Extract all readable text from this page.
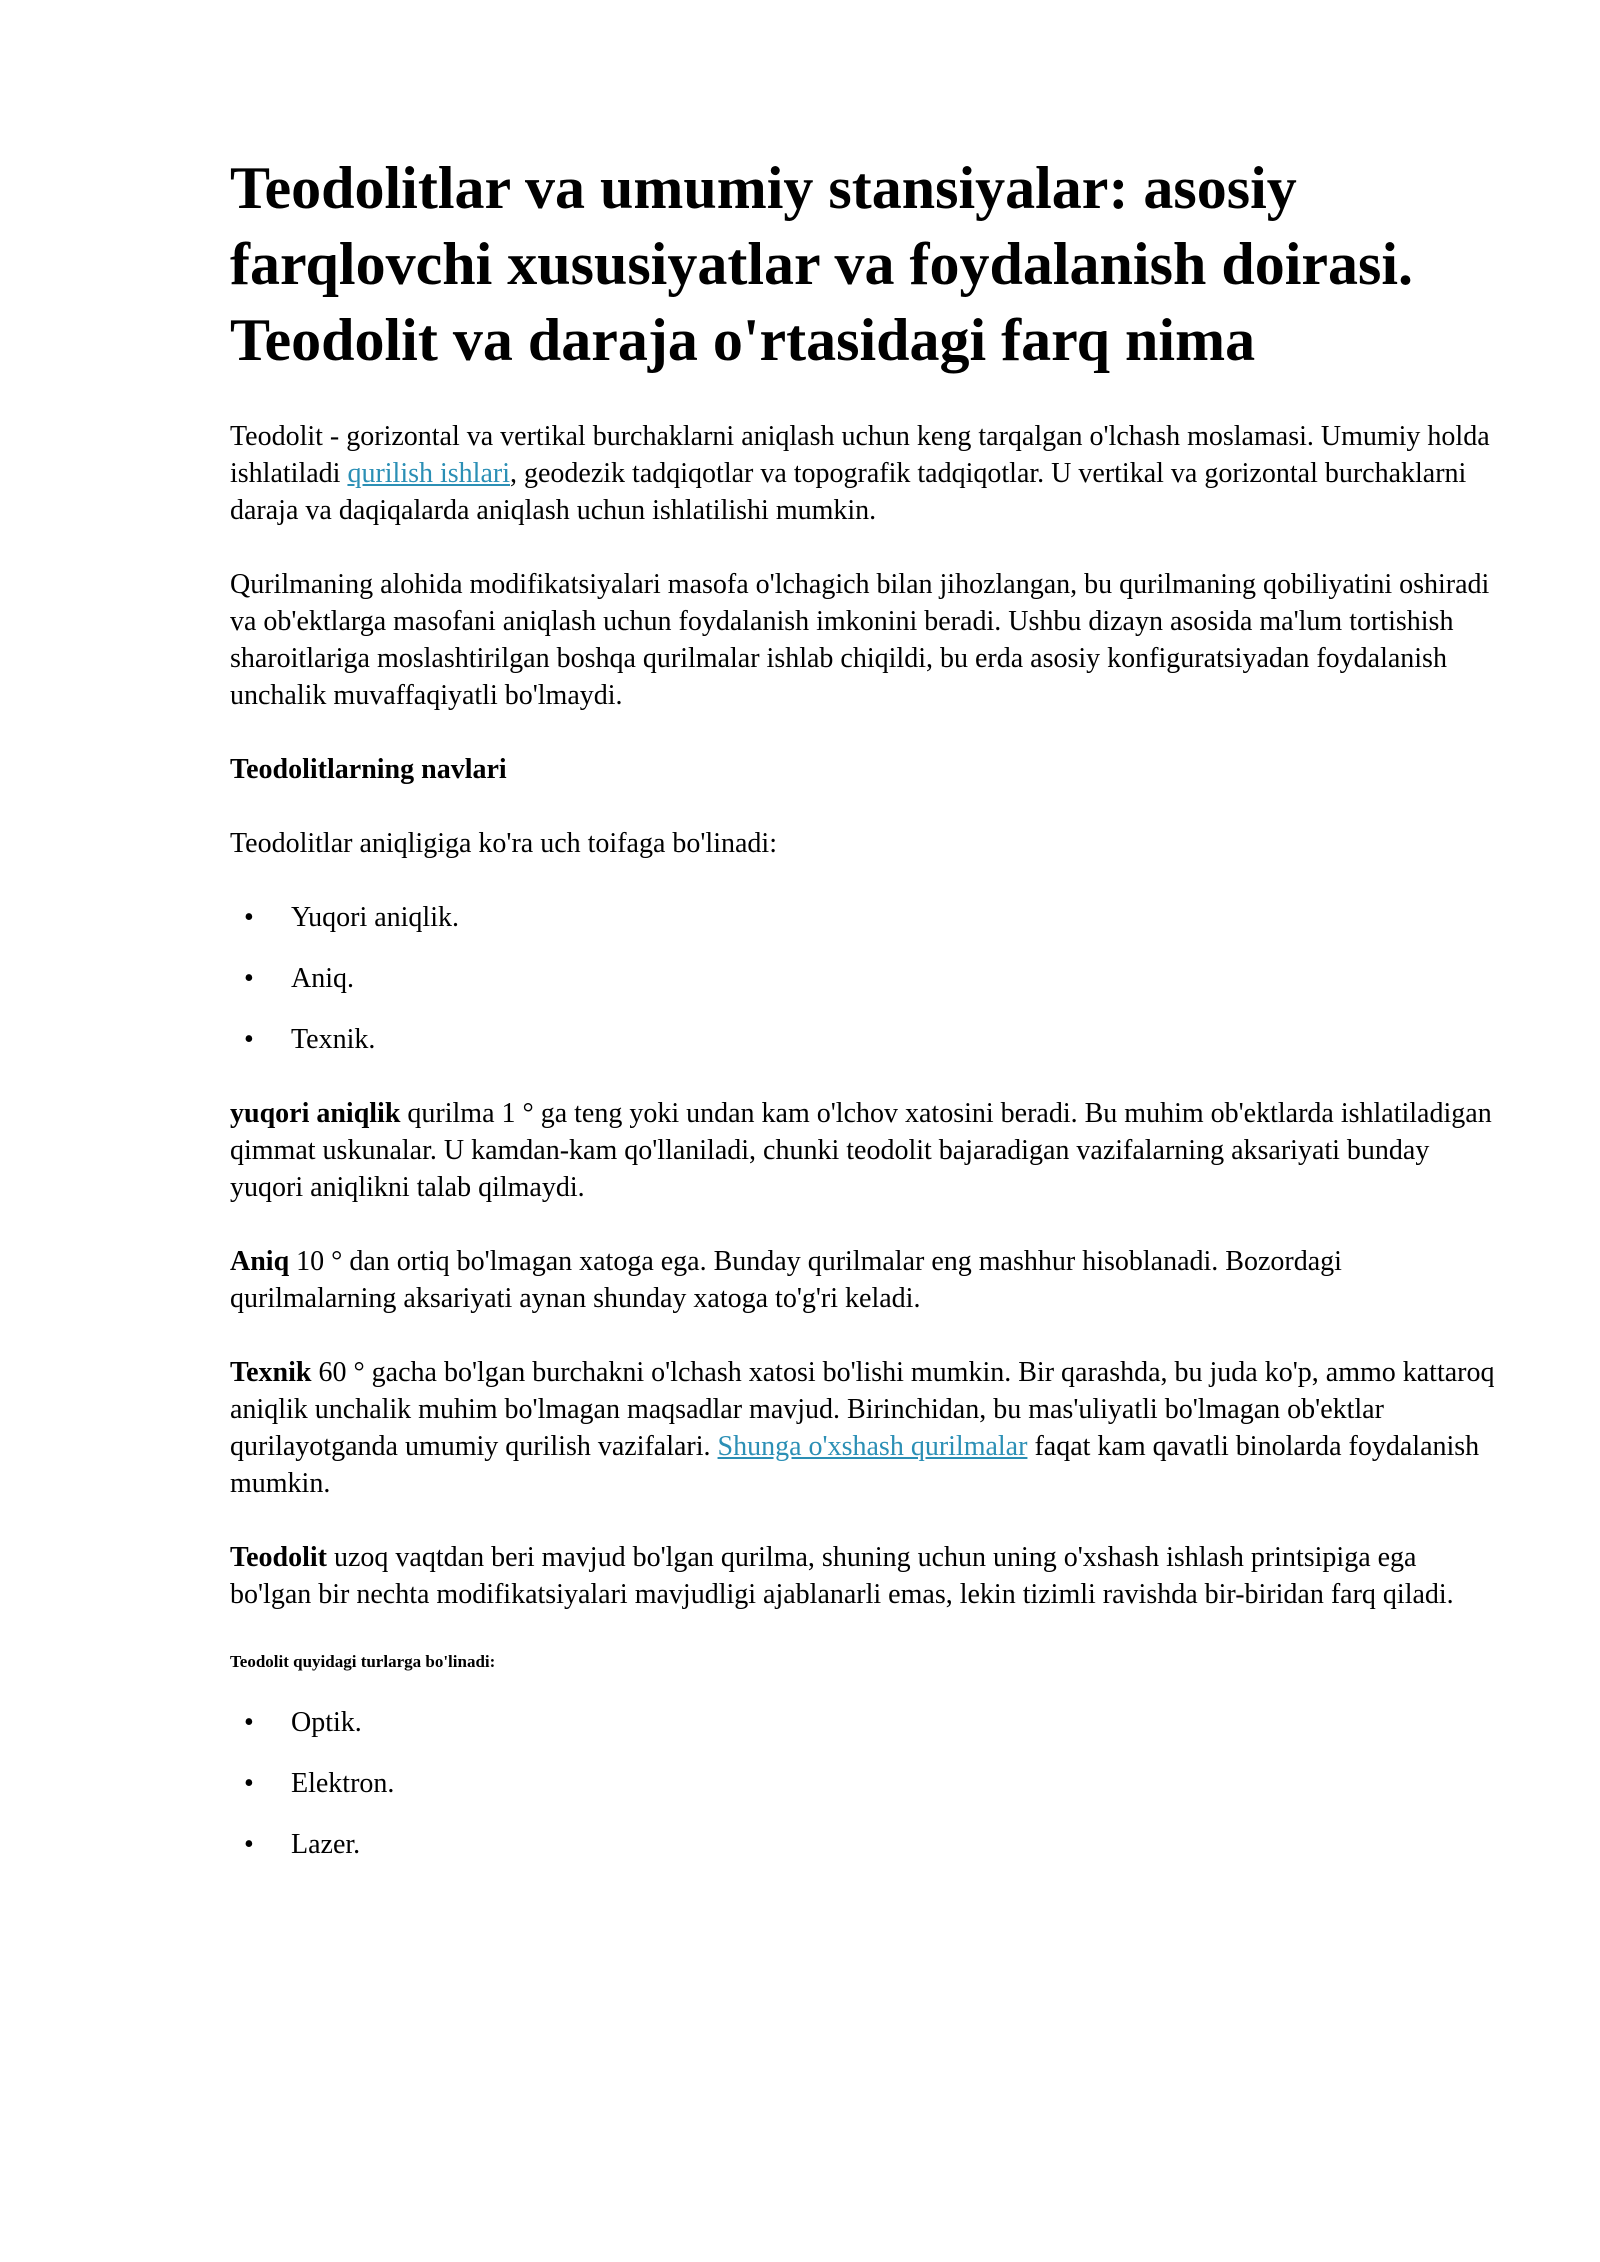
Teodolitlar va umumiy stansiyalar: asosiy farqlovchi xususiyatlar va foydalanish doirasi. Teodolit va daraja o'rtasidagi farq nima

Teodolit - gorizontal va vertikal burchaklarni aniqlash uchun keng tarqalgan o'lchash moslamasi. Umumiy holda ishlatiladi qurilish ishlari, geodezik tadqiqotlar va topografik tadqiqotlar. U vertikal va gorizontal burchaklarni daraja va daqiqalarda aniqlash uchun ishlatilishi mumkin.

Qurilmaning alohida modifikatsiyalari masofa o'lchagich bilan jihozlangan, bu qurilmaning qobiliyatini oshiradi va ob'ektlarga masofani aniqlash uchun foydalanish imkonini beradi. Ushbu dizayn asosida ma'lum tortishish sharoitlariga moslashtirilgan boshqa qurilmalar ishlab chiqildi, bu erda asosiy konfiguratsiyadan foydalanish unchalik muvaffaqiyatli bo'lmaydi.

Teodolitlarning navlari

Teodolitlar aniqligiga ko'ra uch toifaga bo'linadi:

• Yuqori aniqlik.
• Aniq.
• Texnik.

yuqori aniqlik qurilma 1 ° ga teng yoki undan kam o'lchov xatosini beradi. Bu muhim ob'ektlarda ishlatiladigan qimmat uskunalar. U kamdan-kam qo'llaniladi, chunki teodolit bajaradigan vazifalarning aksariyati bunday yuqori aniqlikni talab qilmaydi.

Aniq 10 ° dan ortiq bo'lmagan xatoga ega. Bunday qurilmalar eng mashhur hisoblanadi. Bozordagi qurilmalarning aksariyati aynan shunday xatoga to'g'ri keladi.

Texnik 60 ° gacha bo'lgan burchakni o'lchash xatosi bo'lishi mumkin. Bir qarashda, bu juda ko'p, ammo kattaroq aniqlik unchalik muhim bo'lmagan maqsadlar mavjud. Birinchidan, bu mas'uliyatli bo'lmagan ob'ektlar qurilayotganda umumiy qurilish vazifalari. Shunga o'xshash qurilmalar faqat kam qavatli binolarda foydalanish mumkin.

Teodolit uzoq vaqtdan beri mavjud bo'lgan qurilma, shuning uchun uning o'xshash ishlash printsipiga ega bo'lgan bir nechta modifikatsiyalari mavjudligi ajablanarli emas, lekin tizimli ravishda bir-biridan farq qiladi.

Teodolit quyidagi turlarga bo'linadi:
• Optik.
• Elektron.
• Lazer.
